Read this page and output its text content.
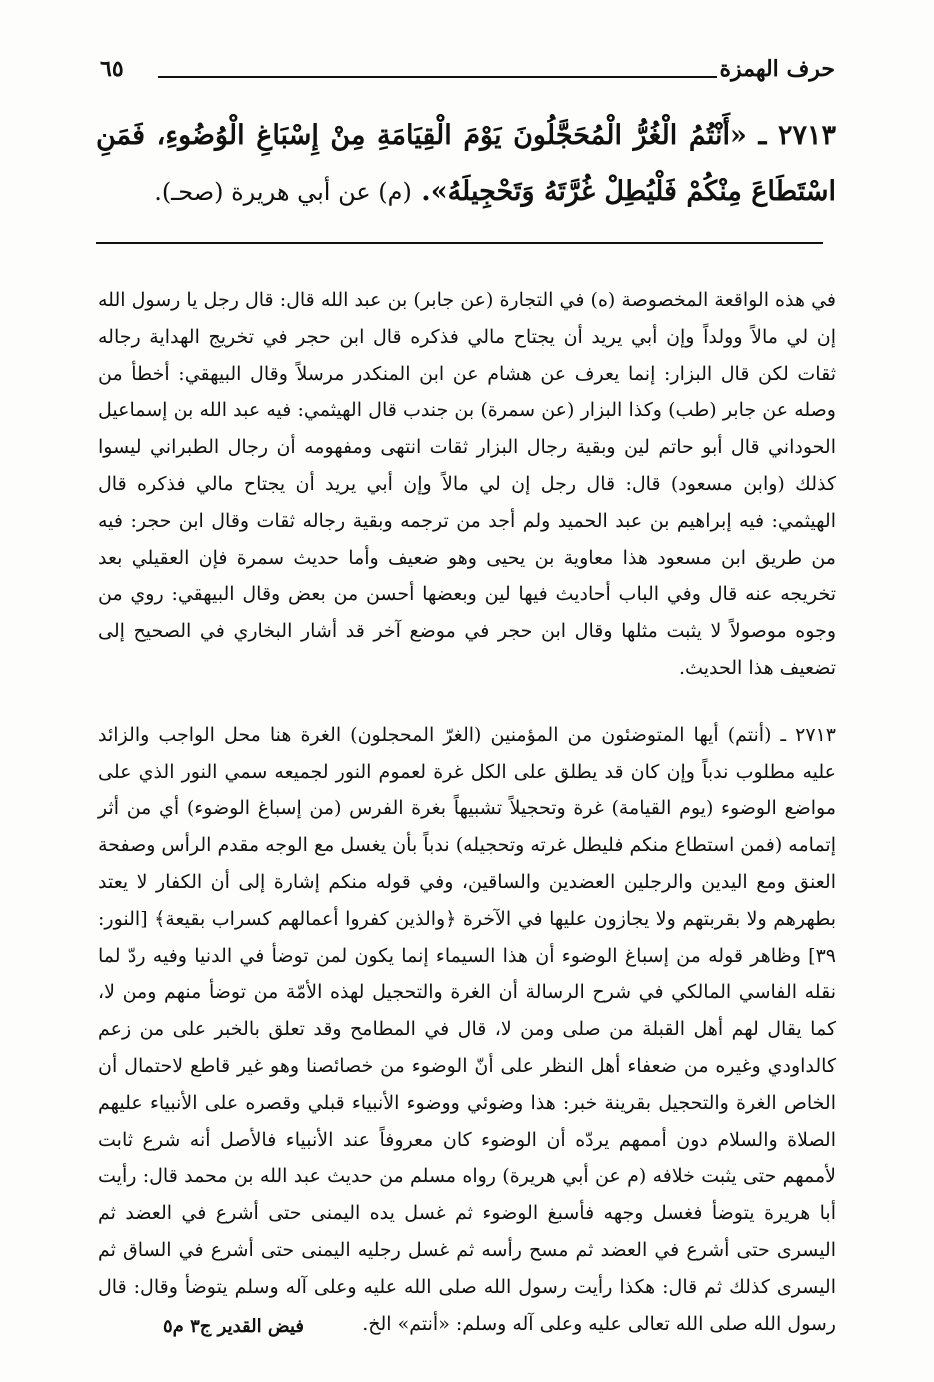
حرف الهمزة
٦٥
٢٧١٣ ـ «أَنْتُمُ الْغُرُّ الْمُحَجَّلُونَ يَوْمَ الْقِيَامَةِ مِنْ إِسْبَاغِ الْوُضُوءِ، فَمَنِ اسْتَطَاعَ مِنْكُمْ فَلْيُطِلْ غُرَّتَهُ وَتَحْجِيلَهُ». (م) عن أبي هريرة (صحـ).

في هذه الواقعة المخصوصة (ه) في التجارة (عن جابر) بن عبد الله قال: قال رجل يا رسول الله إن لي مالاً وولداً وإن أبي يريد أن يجتاح مالي فذكره قال ابن حجر في تخريج الهداية رجاله ثقات لكن قال البزار: إنما يعرف عن هشام عن ابن المنكدر مرسلاً وقال البيهقي: أخطأ من وصله عن جابر (طب) وكذا البزار (عن سمرة) بن جندب قال الهيثمي: فيه عبد الله بن إسماعيل الحوداني قال أبو حاتم لين وبقية رجال البزار ثقات انتهى ومفهومه أن رجال الطبراني ليسوا كذلك (وابن مسعود) قال: قال رجل إن لي مالاً وإن أبي يريد أن يجتاح مالي فذكره قال الهيثمي: فيه إبراهيم بن عبد الحميد ولم أجد من ترجمه وبقية رجاله ثقات وقال ابن حجر: فيه من طريق ابن مسعود هذا معاوية بن يحيى وهو ضعيف وأما حديث سمرة فإن العقيلي بعد تخريجه عنه قال وفي الباب أحاديث فيها لين وبعضها أحسن من بعض وقال البيهقي: روي من وجوه موصولاً لا يثبت مثلها وقال ابن حجر في موضع آخر قد أشار البخاري في الصحيح إلى تضعيف هذا الحديث.

٢٧١٣ ـ (أنتم) أيها المتوضئون من المؤمنين (الغرّ المحجلون) الغرة هنا محل الواجب والزائد عليه مطلوب ندباً وإن كان قد يطلق على الكل غرة لعموم النور لجميعه سمي النور الذي على مواضع الوضوء (يوم القيامة) غرة وتحجيلاً تشبيهاً بغرة الفرس (من إسباغ الوضوء) أي من أثر إتمامه (فمن استطاع منكم فليطل غرته وتحجيله) ندباً بأن يغسل مع الوجه مقدم الرأس وصفحة العنق ومع اليدين والرجلين العضدين والساقين، وفي قوله منكم إشارة إلى أن الكفار لا يعتد بطهرهم ولا بقربتهم ولا يجازون عليها في الآخرة ﴿والذين كفروا أعمالهم كسراب بقيعة﴾ [النور: ٣٩] وظاهر قوله من إسباغ الوضوء أن هذا السيماء إنما يكون لمن توضأ في الدنيا وفيه ردّ لما نقله الفاسي المالكي في شرح الرسالة أن الغرة والتحجيل لهذه الأمّة من توضأ منهم ومن لا، كما يقال لهم أهل القبلة من صلى ومن لا، قال في المطامح وقد تعلق بالخبر على من زعم كالداودي وغيره من ضعفاء أهل النظر على أنّ الوضوء من خصائصنا وهو غير قاطع لاحتمال أن الخاص الغرة والتحجيل بقرينة خبر: هذا وضوئي ووضوء الأنبياء قبلي وقصره على الأنبياء عليهم الصلاة والسلام دون أممهم يردّه أن الوضوء كان معروفاً عند الأنبياء فالأصل أنه شرع ثابت لأممهم حتى يثبت خلافه (م عن أبي هريرة) رواه مسلم من حديث عبد الله بن محمد قال: رأيت أبا هريرة يتوضأ فغسل وجهه فأسبغ الوضوء ثم غسل يده اليمنى حتى أشرع في العضد ثم اليسرى حتى أشرع في العضد ثم مسح رأسه ثم غسل رجليه اليمنى حتى أشرع في الساق ثم اليسرى كذلك ثم قال: هكذا رأيت رسول الله صلى الله عليه وعلى آله وسلم يتوضأ وقال: قال رسول الله صلى الله تعالى عليه وعلى آله وسلم: «أنتم» الخ.

فيض القدير ج٣ م٥
